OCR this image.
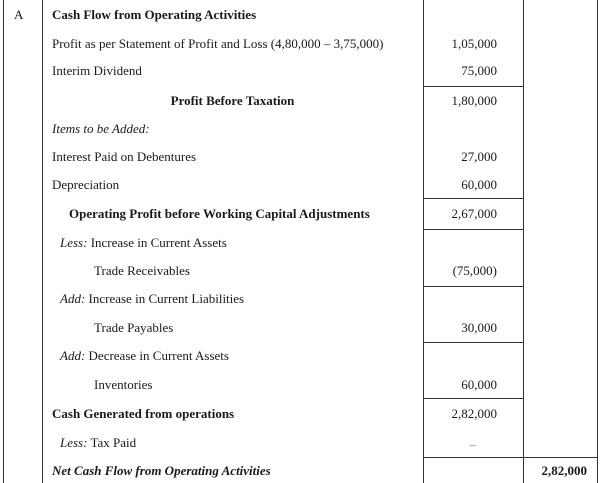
A Cash Flow from Operating Activities
Profit as per Statement of Profit and Loss (4,80,000 – 3,75,000)	1,05,000
Interim Dividend	75,000
Profit Before Taxation	1,80,000
Items to be Added:
Interest Paid on Debentures	27,000
Depreciation	60,000
Operating Profit before Working Capital Adjustments	2,67,000
Less: Increase in Current Assets
Trade Receivables	(75,000)
Add: Increase in Current Liabilities
Trade Payables	30,000
Add: Decrease in Current Assets
Inventories	60,000
Cash Generated from operations	2,82,000
Less: Tax Paid	–
Net Cash Flow from Operating Activities	2,82,000
